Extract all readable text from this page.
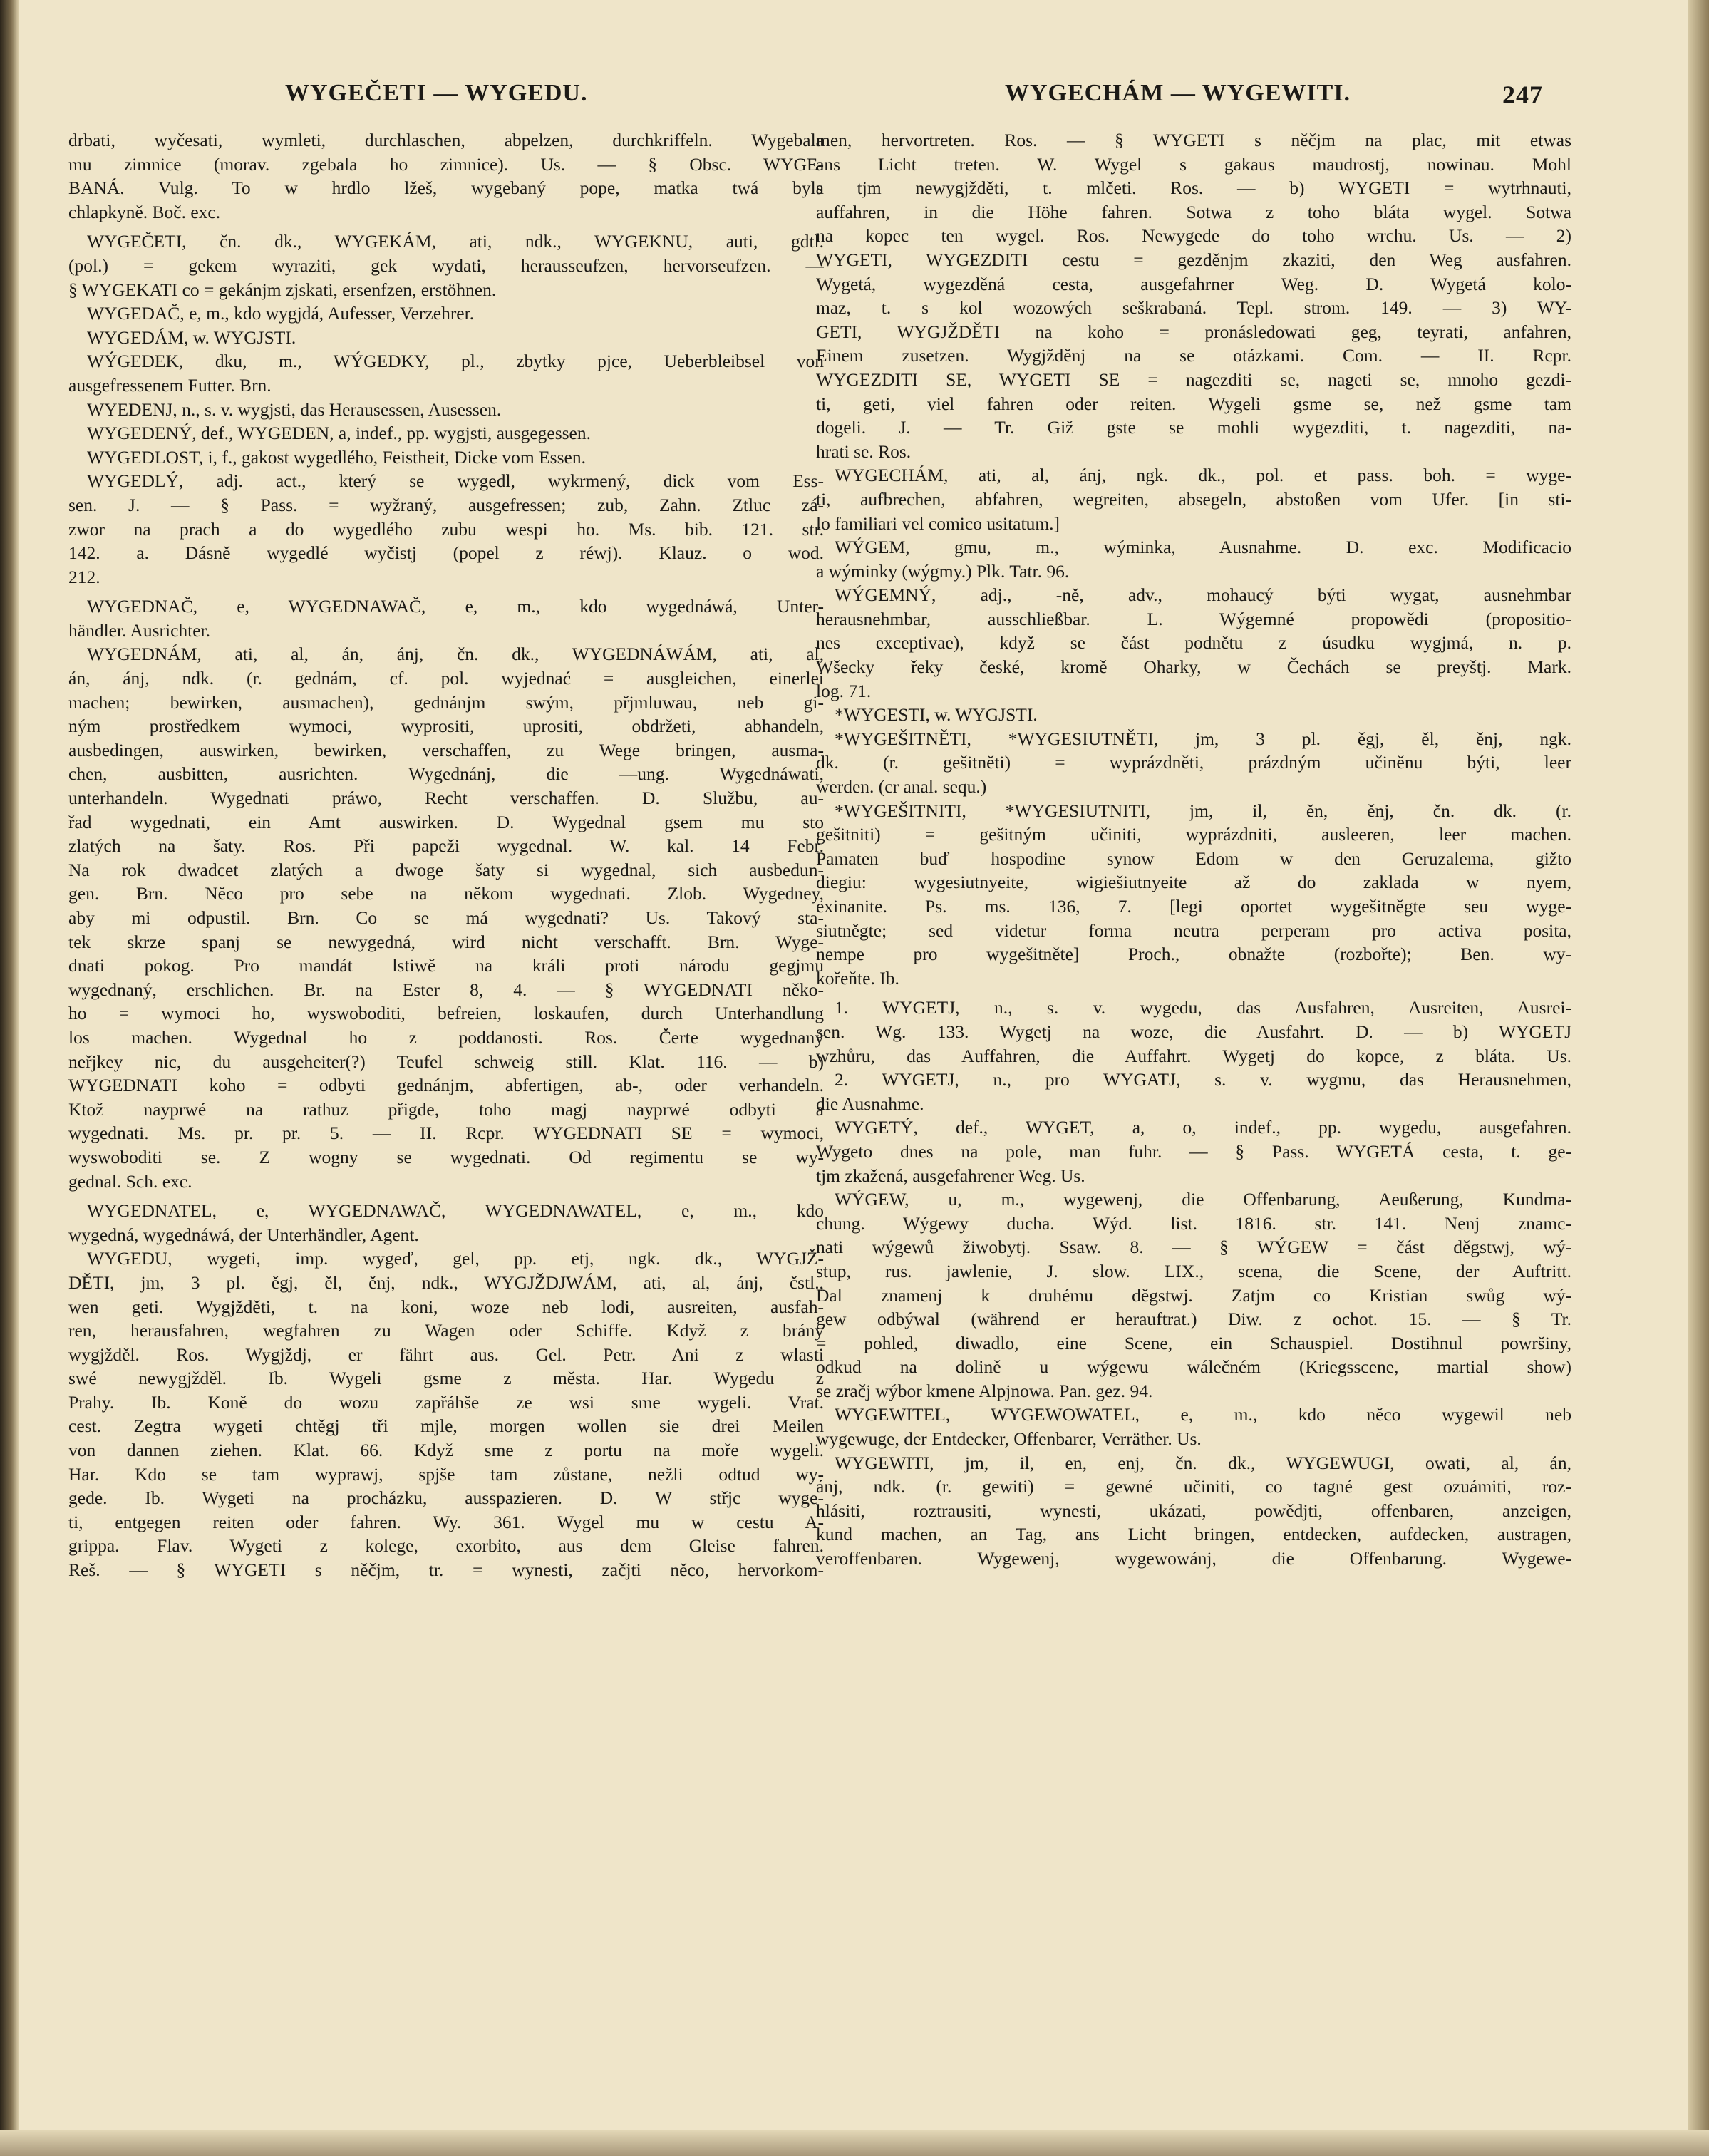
WYGEČETI — WYGEDU.	WYGECHÁM — WYGEWITI.	247
drbati, wyčesati, wymleti, durchlaschen, abpelzen, durchkriffeln. Wygebala
mu zimnice (morav. zgebala ho zimnice). Us. — § Obsc. WYGE-
BANÁ. Vulg. To w hrdlo lžeš, wygebaný pope, matka twá byla
chlapkyně. Boč. exc.
WYGEČETI, čn. dk., WYGEKÁM, ati, ndk., WYGEKNU, auti, gdtl.
(pol.) = gekem wyraziti, gek wydati, herausseufzen, hervorseufzen. —
§ WYGEKATI co = gekánjm zjskati, ersenfzen, erstöhnen.
WYGEDAČ, e, m., kdo wygjdá, Aufesser, Verzehrer.
WYGEDÁM, w. WYGJSTI.
WÝGEDEK, dku, m., WÝGEDKY, pl., zbytky pjce, Ueberbleibsel von
ausgefressenem Futter. Brn.
WYEDENJ, n., s. v. wygjsti, das Herausessen, Ausessen.
WYGEDENÝ, def., WYGEDEN, a, indef., pp. wygjsti, ausgegessen.
WYGEDLOST, i, f., gakost wygedlého, Feistheit, Dicke vom Essen.
WYGEDLÝ, adj. act., který se wygedl, wykrmený, dick vom Ess-
sen. J. — § Pass. = wyžraný, ausgefressen; zub, Zahn. Ztluc zá-
zwor na prach a do wygedlého zubu wespi ho. Ms. bib. 121. str.
142. a. Dásně wygedlé wyčistj (popel z réwj). Klauz. o wod.
212.
WYGEDNAČ, e, WYGEDNAWAČ, e, m., kdo wygednáwá, Unter-
händler. Ausrichter.
WYGEDNÁM, ati, al, án, ánj, čn. dk., WYGEDNÁWÁM, ati, al,
án, ánj, ndk. (r. gednám, cf. pol. wyjednać = ausgleichen, einerlei
machen; bewirken, ausmachen), gednánjm swým, přjmluwau, neb gi-
ným prostředkem wymoci, wyprositi, uprositi, obdržeti, abhandeln,
ausbedingen, auswirken, bewirken, verschaffen, zu Wege bringen, ausma-
chen, ausbitten, ausrichten. Wygednánj, die —ung. Wygednáwati,
unterhandeln. Wygednati práwo, Recht verschaffen. D. Službu, au-
řad wygednati, ein Amt auswirken. D. Wygednal gsem mu sto
zlatých na šaty. Ros. Při papeži wygednal. W. kal. 14 Febr.
Na rok dwadcet zlatých a dwoge šaty si wygednal, sich ausbedun-
gen. Brn. Něco pro sebe na někom wygednati. Zlob. Wygedney,
aby mi odpustil. Brn. Co se má wygednati? Us. Takový sta-
tek skrze spanj se newygedná, wird nicht verschafft. Brn. Wyge-
dnati pokog. Pro mandát lstiwě na králi proti národu gegjmu
wygednaný, erschlichen. Br. na Ester 8, 4. — § WYGEDNATI něko-
ho = wymoci ho, wyswoboditi, befreien, loskaufen, durch Unterhandlung
los machen. Wygednal ho z poddanosti. Ros. Čerte wygednaný
neřjkey nic, du ausgeheiter(?) Teufel schweig still. Klat. 116. — b)
WYGEDNATI koho = odbyti gednánjm, abfertigen, ab-, oder verhandeln.
Ktož nayprwé na rathuz přigde, toho magj nayprwé odbyti a
wygednati. Ms. pr. pr. 5. — II. Rcpr. WYGEDNATI SE = wymoci,
wyswoboditi se. Z wogny se wygednati. Od regimentu se wy-
gednal. Sch. exc.
WYGEDNATEL, e, WYGEDNAWAČ, WYGEDNAWATEL, e, m., kdo
wygedná, wygednáwá, der Unterhändler, Agent.
WYGEDU, wygeti, imp. wygeď, gel, pp. etj, ngk. dk., WYGJŽ-
DĚTI, jm, 3 pl. ěgj, ěl, ěnj, ndk., WYGJŽDJWÁM, ati, al, ánj, čstl.,
wen geti. Wygjžděti, t. na koni, woze neb lodi, ausreiten, ausfah-
ren, herausfahren, wegfahren zu Wagen oder Schiffe. Když z brány
wygjžděl. Ros. Wygjždj, er fährt aus. Gel. Petr. Ani z wlasti
swé newygjžděl. Ib. Wygeli gsme z města. Har. Wygedu z
Prahy. Ib. Koně do wozu zapřáhše ze wsi sme wygeli. Vrat.
cest. Zegtra wygeti chtěgj tři mjle, morgen wollen sie drei Meilen
von dannen ziehen. Klat. 66. Když sme z portu na moře wygeli.
Har. Kdo se tam wyprawj, spjše tam zůstane, nežli odtud wy-
gede. Ib. Wygeti na procházku, ausspazieren. D. W střjc wyge-
ti, entgegen reiten oder fahren. Wy. 361. Wygel mu w cestu A-
grippa. Flav. Wygeti z kolege, exorbito, aus dem Gleise fahren.
Reš. — § WYGETI s něčjm, tr. = wynesti, začjti něco, hervorkom-
men, hervortreten. Ros. — § WYGETI s něčjm na plac, mit etwas
ans Licht treten. W. Wygel s gakaus maudrostj, nowinau. Mohl
s tjm newygjžděti, t. mlčeti. Ros. — b) WYGETI = wytrhnauti,
auffahren, in die Höhe fahren. Sotwa z toho bláta wygel. Sotwa
na kopec ten wygel. Ros. Newygede do toho wrchu. Us. — 2)
WYGETI, WYGEZDITI cestu = gezděnjm zkaziti, den Weg ausfahren.
Wygetá, wygezděná cesta, ausgefahrner Weg. D. Wygetá kolo-
maz, t. s kol wozowých seškrabaná. Tepl. strom. 149. — 3) WY-
GETI, WYGJŽDĚTI na koho = pronásledowati geg, teyrati, anfahren,
Einem zusetzen. Wygjžděnj na se otázkami. Com. — II. Rcpr.
WYGEZDITI SE, WYGETI SE = nagezditi se, nageti se, mnoho gezdi-
ti, geti, viel fahren oder reiten. Wygeli gsme se, než gsme tam
dogeli. J. — Tr. Giž gste se mohli wygezditi, t. nagezditi, na-
hrati se. Ros.
WYGECHÁM, ati, al, ánj, ngk. dk., pol. et pass. boh. = wyge-
ti, aufbrechen, abfahren, wegreiten, absegeln, abstoßen vom Ufer. [in sti-
lo familiari vel comico usitatum.]
WÝGEM, gmu, m., wýminka, Ausnahme. D. exc. Modificacio
a wýminky (wýgmy.) Plk. Tatr. 96.
WÝGEMNÝ, adj., -ně, adv., mohaucý býti wygat, ausnehmbar
herausnehmbar, ausschließbar. L. Wýgemné propowědi (propositio-
nes exceptivae), když se část podnětu z úsudku wygjmá, n. p.
Wšecky řeky české, kromě Oharky, w Čechách se preyštj. Mark.
log. 71.
*WYGESTI, w. WYGJSTI.
*WYGEŠITNĚTI, *WYGESIUTNĚTI, jm, 3 pl. ěgj, ěl, ěnj, ngk.
dk. (r. gešitněti) = wyprázdněti, prázdným učiněnu býti, leer
werden. (cr anal. sequ.)
*WYGEŠITNITI, *WYGESIUTNITI, jm, il, ěn, ěnj, čn. dk. (r.
gešitniti) = gešitným učiniti, wyprázdniti, ausleeren, leer machen.
Pamaten buď hospodine synow Edom w den Geruzalema, gižto
diegiu: wygesiutnyeite, wigiešiutnyeite až do zaklada w nyem,
exinanite. Ps. ms. 136, 7. [legi oportet wygešitněgte seu wyge-
siutněgte; sed videtur forma neutra perperam pro activa posita,
nempe pro wygešitněte] Proch., obnažte (rozbořte); Ben. wy-
kořeňte. Ib.
1. WYGETJ, n., s. v. wygedu, das Ausfahren, Ausreiten, Ausrei-
sen. Wg. 133. Wygetj na woze, die Ausfahrt. D. — b) WYGETJ
wzhůru, das Auffahren, die Auffahrt. Wygetj do kopce, z bláta. Us.
2. WYGETJ, n., pro WYGATJ, s. v. wygmu, das Herausnehmen,
die Ausnahme.
WYGETÝ, def., WYGET, a, o, indef., pp. wygedu, ausgefahren.
Wygeto dnes na pole, man fuhr. — § Pass. WYGETÁ cesta, t. ge-
tjm zkažená, ausgefahrener Weg. Us.
WÝGEW, u, m., wygewenj, die Offenbarung, Aeußerung, Kundma-
chung. Wýgewy ducha. Wýd. list. 1816. str. 141. Nenj znamc-
nati wýgewů žiwobytj. Ssaw. 8. — § WÝGEW = část děgstwj, wý-
stup, rus. jawlenie, J. slow. LIX., scena, die Scene, der Auftritt.
Dal znamenj k druhému děgstwj. Zatjm co Kristian swůg wý-
gew odbýwal (während er herauftrat.) Diw. z ochot. 15. — § Tr.
= pohled, diwadlo, eine Scene, ein Schauspiel. Dostihnul powršiny,
odkud na dolině u wýgewu wálečném (Kriegsscene, martial show)
se zračj wýbor kmene Alpjnowa. Pan. gez. 94.
WYGEWITEL, WYGEWOWATEL, e, m., kdo něco wygewil neb
wygewuge, der Entdecker, Offenbarer, Verräther. Us.
WYGEWITI, jm, il, en, enj, čn. dk., WYGEWUGI, owati, al, án,
ánj, ndk. (r. gewiti) = gewné učiniti, co tagné gest ozuámiti, roz-
hlásiti, roztrausiti, wynesti, ukázati, powědjti, offenbaren, anzeigen,
kund machen, an Tag, ans Licht bringen, entdecken, aufdecken, austragen,
veroffenbaren. Wygewenj, wygewowánj, die Offenbarung. Wygewe-
